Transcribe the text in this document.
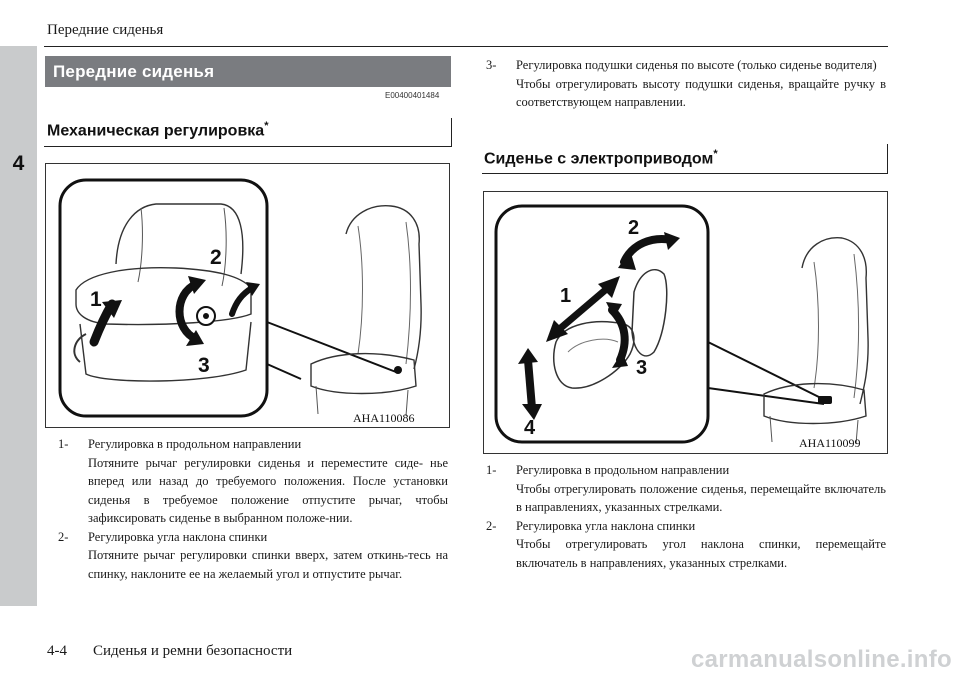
Передние сиденья
4
Передние сиденья
E00400401484
Механическая регулировка*
1
3
2
AHA110086
1- Регулировка в продольном направлении
Потяните рычаг регулировки сиденья и переместите сиде- нье вперед или назад до требуемого положения. После установки сиденья в требуемое положение отпустите рычаг, чтобы зафиксировать сиденье в выбранном положе-нии.
2- Регулировка угла наклона спинки
Потяните рычаг регулировки спинки вверх, затем откинь-тесь на спинку, наклоните ее на желаемый угол и отпустите рычаг.
3- Регулировка подушки сиденья по высоте (только сиденье водителя)
Чтобы отрегулировать высоту подушки сиденья, вращайте ручку в соответствующем направлении.
Сиденье с электроприводом*
1
2
3
4
AHA110099
1- Регулировка в продольном направлении
Чтобы отрегулировать положение сиденья, перемещайте включатель в направлениях, указанных стрелками.
2- Регулировка угла наклона спинки
Чтобы отрегулировать угол наклона спинки, перемещайте включатель в направлениях, указанных стрелками.
4-4 Сиденья и ремни безопасности	carmanualsonline.info
